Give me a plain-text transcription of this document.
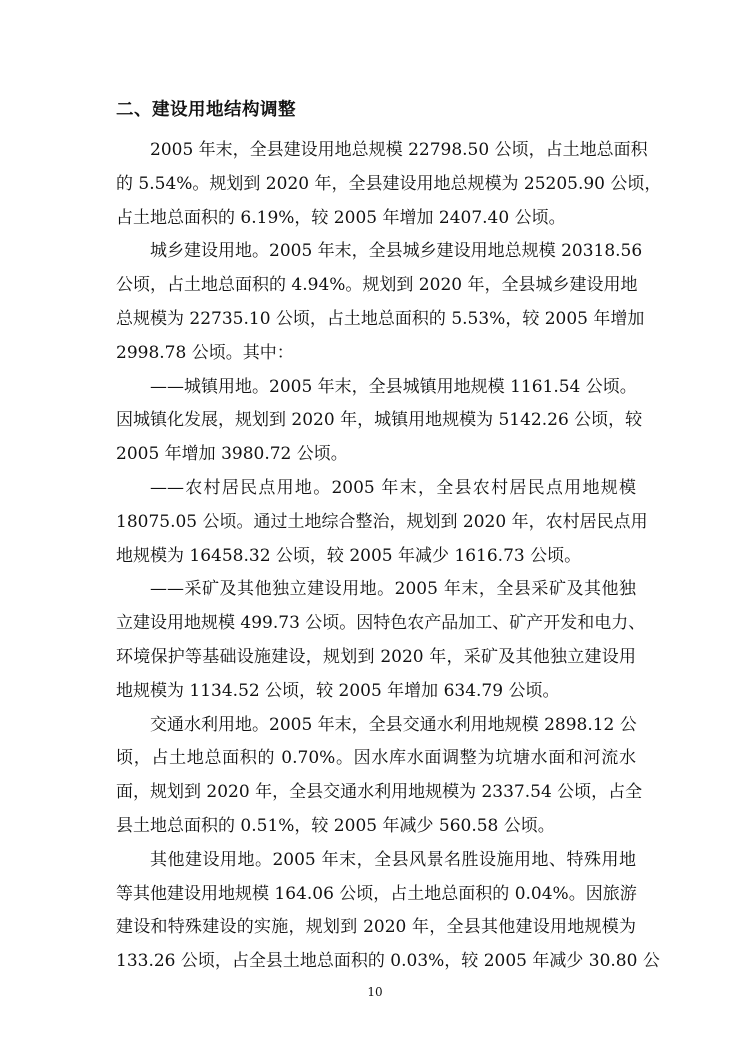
二、建设用地结构调整
2005 年末，全县建设用地总规模 22798.50 公顷，占土地总面积
的 5.54%。规划到 2020 年，全县建设用地总规模为 25205.90 公顷，
占土地总面积的 6.19%，较 2005 年增加 2407.40 公顷。
城乡建设用地。2005 年末，全县城乡建设用地总规模 20318.56
公顷，占土地总面积的 4.94%。规划到 2020 年，全县城乡建设用地
总规模为 22735.10 公顷，占土地总面积的 5.53%，较 2005 年增加
2998.78 公顷。其中：
——城镇用地。2005 年末，全县城镇用地规模 1161.54 公顷。
因城镇化发展，规划到 2020 年，城镇用地规模为 5142.26 公顷，较
2005 年增加 3980.72 公顷。
——农村居民点用地。2005 年末，全县农村居民点用地规模
18075.05 公顷。通过土地综合整治，规划到 2020 年，农村居民点用
地规模为 16458.32 公顷，较 2005 年减少 1616.73 公顷。
——采矿及其他独立建设用地。2005 年末，全县采矿及其他独
立建设用地规模 499.73 公顷。因特色农产品加工、矿产开发和电力、
环境保护等基础设施建设，规划到 2020 年，采矿及其他独立建设用
地规模为 1134.52 公顷，较 2005 年增加 634.79 公顷。
交通水利用地。2005 年末，全县交通水利用地规模 2898.12 公
顷，占土地总面积的 0.70%。因水库水面调整为坑塘水面和河流水
面，规划到 2020 年，全县交通水利用地规模为 2337.54 公顷，占全
县土地总面积的 0.51%，较 2005 年减少 560.58 公顷。
其他建设用地。2005 年末，全县风景名胜设施用地、特殊用地
等其他建设用地规模 164.06 公顷，占土地总面积的 0.04%。因旅游
建设和特殊建设的实施，规划到 2020 年，全县其他建设用地规模为
133.26 公顷，占全县土地总面积的 0.03%，较 2005 年减少 30.80 公
10
